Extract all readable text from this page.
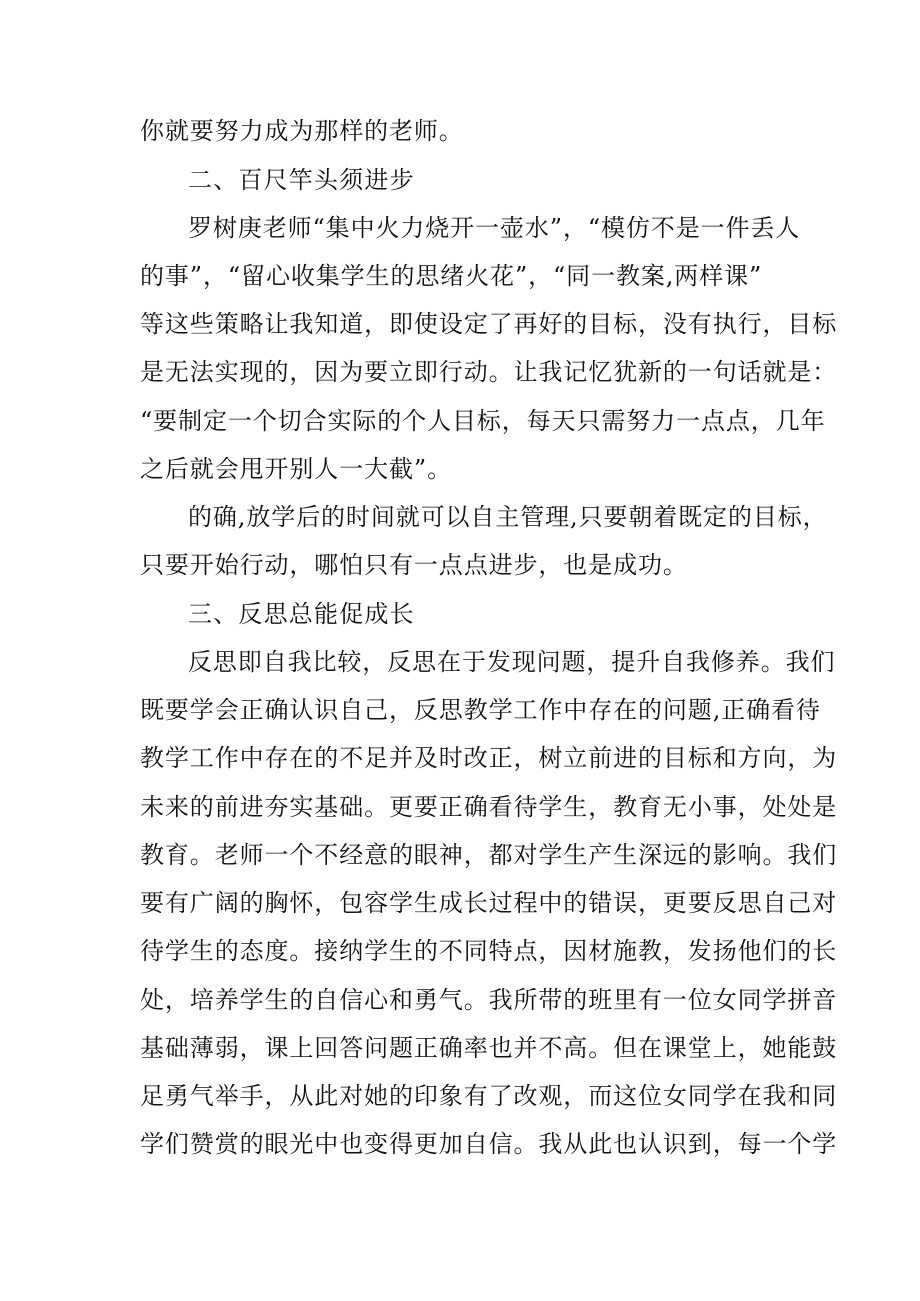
你就要努力成为那样的老师。
二、百尺竿头须进步
罗树庚老师“集中火力烧开一壶水”，“模仿不是一件丢人
的事”，“留心收集学生的思绪火花”，“同一教案,两样课”
等这些策略让我知道，即使设定了再好的目标，没有执行，目标
是无法实现的，因为要立即行动。让我记忆犹新的一句话就是：
“要制定一个切合实际的个人目标，每天只需努力一点点，几年
之后就会甩开别人一大截”。
的确,放学后的时间就可以自主管理,只要朝着既定的目标，
只要开始行动，哪怕只有一点点进步，也是成功。
三、反思总能促成长
反思即自我比较，反思在于发现问题，提升自我修养。我们
既要学会正确认识自己，反思教学工作中存在的问题,正确看待
教学工作中存在的不足并及时改正，树立前进的目标和方向，为
未来的前进夯实基础。更要正确看待学生，教育无小事，处处是
教育。老师一个不经意的眼神，都对学生产生深远的影响。我们
要有广阔的胸怀，包容学生成长过程中的错误，更要反思自己对
待学生的态度。接纳学生的不同特点，因材施教，发扬他们的长
处，培养学生的自信心和勇气。我所带的班里有一位女同学拼音
基础薄弱，课上回答问题正确率也并不高。但在课堂上，她能鼓
足勇气举手，从此对她的印象有了改观，而这位女同学在我和同
学们赞赏的眼光中也变得更加自信。我从此也认识到，每一个学
